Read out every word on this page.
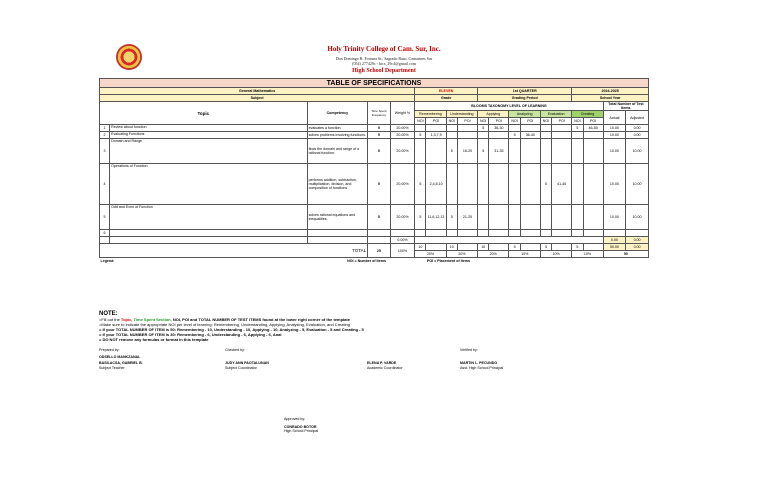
Holy Trinity College of Cam. Sur, Inc.
Don Domingo B. Fortuna St., Sagrado Baao, Camarines Sur
(054) 277429c - htcs_29c4@gmail.com
High School Department
TABLE OF SPECIFICATIONS																		
General Mathematics					ELEVEN				1st QUARTER						2024-2025			
Subject					Grade				Grading Period						School Year			
Topic		Competency	Time Spent Frequency	Weight %	BLOOMS TAXONOMY LEVEL OF LEARNING												Total Number of Test Items	
					Remembering		Understanding		Applying		Analyzing		Evaluation		Creating		Actual	Adjusted
					NOI	POI	NOI	POI	NOI	POI	NOI	POI	NOI	POI	NOI	POI		
1	Review about function	evaluates a function.	5	20.00%					5	36-30					5	46-50	10.00	0.00
2	Evaluating Functions	solves problems involving functions.	5	20.00%	5	1,3,7,9					5	36-40					10.00	0.00
3	Domain and Range	finds the domain and range of a rational function.	5	20.00%			5	16-20	5	31-35							10.00	10.00
4	Operations of Function	performs addition, subtraction, multiplication, division, and composition of functions	5	20.00%	5	2,4,8,10							5	41-45			10.00	10.00
5	Odd and Even of Function	solves rational equations and inequalities.	5	20.00%	5	11,6,12,13	5	21-25									10.00	10.00
6																		
				0.00%													0.00	0.00
TOTAL			25	100%	10		10		10		5		5		5		50.00	0.00
					20%		20%		20%		10%		10%		10%		50	
Legend:		NOI = Number of Items				POI = Placement of Items												
NOTE:
=Fill out the Topic, Time Spent Section, NOI, POI and TOTAL NUMBER OF TEST ITEMS found at the lower right corner of the template
=Make sure to indicate the appropriate NOI per level of learning: Remembering, Understanding, Applying, Analyzing, Evaluation, and Creating
= If your TOTAL NUMBER OF ITEM is 50: Remembering - 10, Understanding - 10, Applying - 10, Analyzing - 5, Evaluation - 5 and Creating - 5
= If your TOTAL NUMBER OF ITEM is 30: Remembering - 6, Understanding - 6, Applying - 6, Anal
= DO NOT remove any formulas or format in this template
Prepared by:
ODSELLO MANKZANAL
BASILACSA, GABRIEL B.
Subject Teacher
Checked by:
JUDY ANN PAOTALUNAN
Subject Coordinator
ELENA P. VARDE
Academic Coordinator
Verified by:
MARTIN L. PECUNDO
Asst. High School Principal
Approved by:
CONRADO BOTOR
High School Principal
